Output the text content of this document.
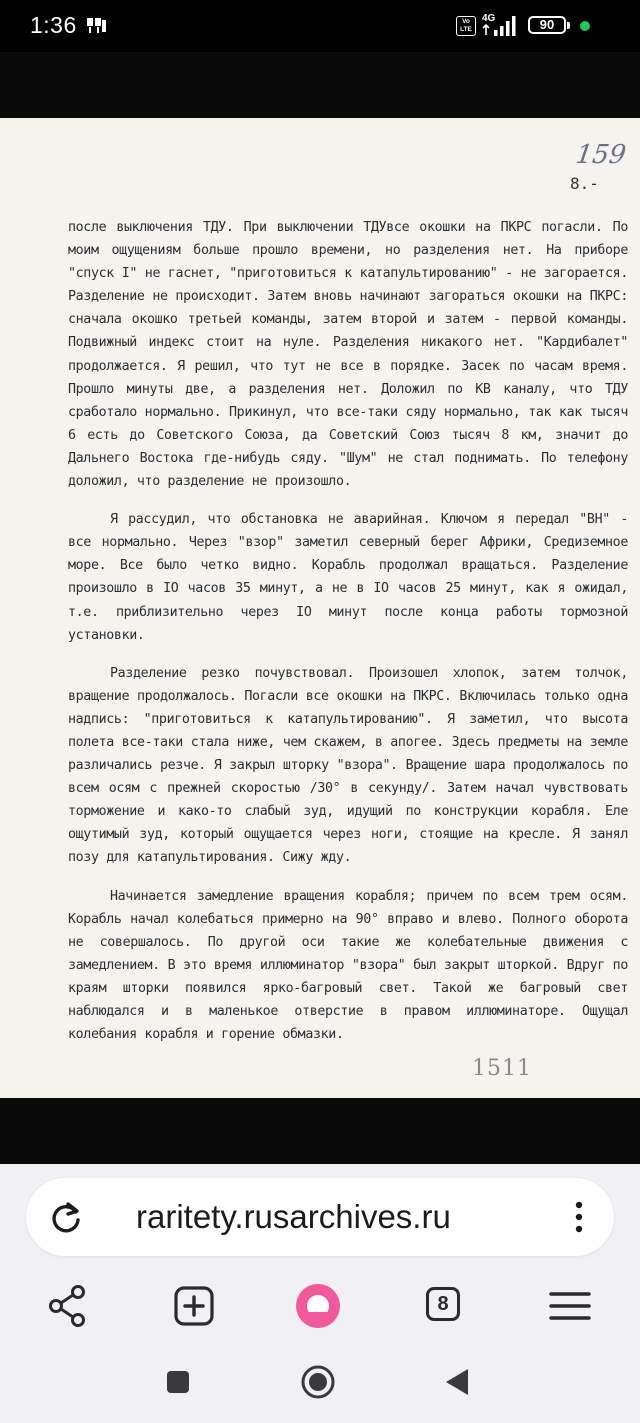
1:36	Vo LTE
4G	90
159
8.-

после выключения ТДУ. При выключении ТДУвсе окошки на ПКРС погасли. По моим ощущениям больше прошло времени, но разделения нет. На приборе "спуск I" не гаснет, "приготовиться к катапультированию" - не загорается. Разделение не происходит. Затем вновь начинают загораться окошки на ПКРС: сначала окошко третьей команды, затем второй и затем - первой команды. Подвижный индекс стоит на нуле. Разделения никакого нет. "Кардибалет" продолжается. Я решил, что тут не все в порядке. Засек по часам время. Прошло минуты две, а разделения нет. Доложил по КВ каналу, что ТДУ сработало нормально. Прикинул, что все-таки сяду нормально, так как тысяч 6 есть до Советского Союза, да Советский Союз тысяч 8 км, значит до Дальнего Востока где-нибудь сяду. "Шум" не стал поднимать. По телефону доложил, что разделение не произошло.

Я рассудил, что обстановка не аварийная. Ключом я передал "ВН" - все нормально. Через "взор" заметил северный берег Африки, Средиземное море. Все было четко видно. Корабль продолжал вращаться. Разделение произошло в IO часов 35 минут, а не в IO часов 25 минут, как я ожидал, т.е. приблизительно через IO минут после конца работы тормозной установки.

Разделение резко почувствовал. Произошел хлопок, затем толчок, вращение продолжалось. Погасли все окошки на ПКРС. Включилась только одна надпись: "приготовиться к катапультированию". Я заметил, что высота полета все-таки стала ниже, чем скажем, в апогее. Здесь предметы на земле различались резче. Я закрыл шторку "взора". Вращение шара продолжалось по всем осям с прежней скоростью /30° в секунду/. Затем начал чувствовать торможение и како-то слабый зуд, идущий по конструкции корабля. Еле ощутимый зуд, который ощущается через ноги, стоящие на кресле. Я занял позу для катапультирования. Сижу жду.

Начинается замедление вращения корабля; причем по всем трем осям. Корабль начал колебаться примерно на 90° вправо и влево. Полного оборота не совершалось. По другой оси такие же колебательные движения с замедлением. В это время иллюминатор "взора" был закрыт шторкой. Вдруг по краям шторки появился ярко-багровый свет. Такой же багровый свет наблюдался и в маленькое отверстие в правом иллюминаторе. Ощущал колебания корабля и горение обмазки.

1511
raritety.rusarchives.ru
8
